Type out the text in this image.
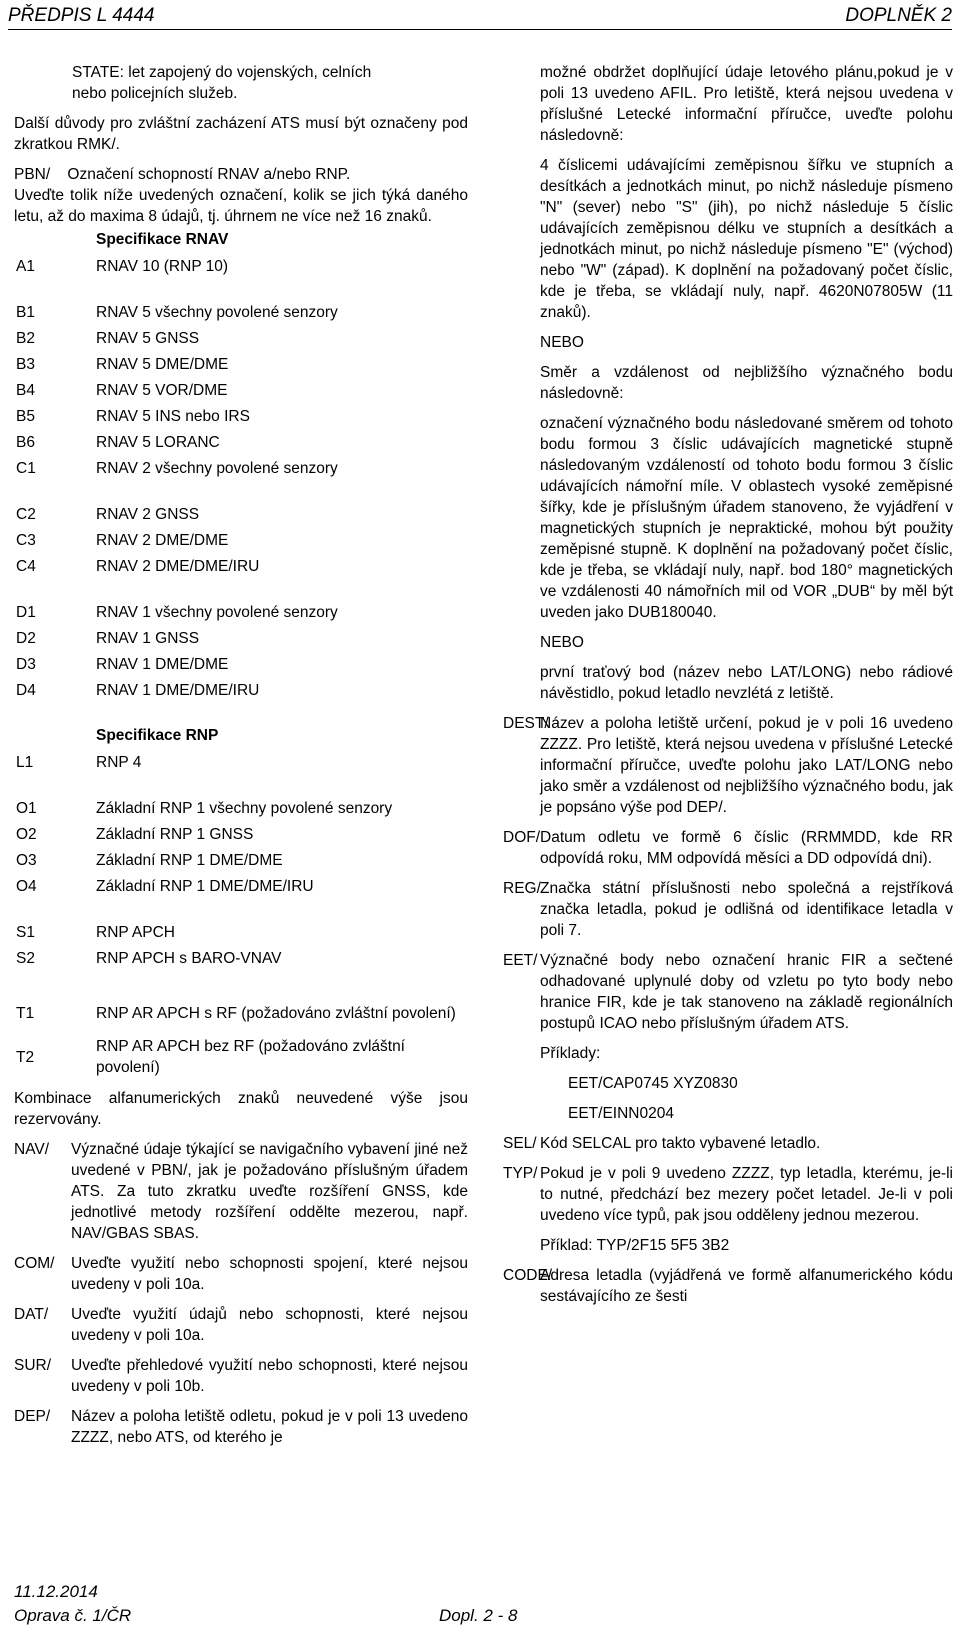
PŘEDPIS L 4444	DOPLNĚK 2

STATE: let zapojený do vojenských, celních

nebo policejních služeb.

Další důvody pro zvláštní zacházení ATS musí být označeny pod zkratkou RMK/.

PBN/    Označení schopností RNAV a/nebo RNP.

Uveďte tolik níže uvedených označení, kolik se jich týká daného letu, až do maxima 8 údajů, tj. úhrnem ne více než 16 znaků.

Specifikace RNAV
A1	RNAV 10 (RNP 10)

B1	RNAV 5 všechny povolené senzory
B2	RNAV 5 GNSS
B3	RNAV 5 DME/DME
B4	RNAV 5 VOR/DME
B5	RNAV 5 INS nebo IRS
B6	RNAV 5 LORANC
C1	RNAV 2 všechny povolené senzory

C2	RNAV 2 GNSS
C3	RNAV 2 DME/DME
C4	RNAV 2 DME/DME/IRU

D1	RNAV 1 všechny povolené senzory
D2	RNAV 1 GNSS
D3	RNAV 1 DME/DME
D4	RNAV 1 DME/DME/IRU

Specifikace RNP
L1	RNP 4

O1	Základní RNP 1 všechny povolené senzory
O2	Základní RNP 1 GNSS
O3	Základní RNP 1 DME/DME
O4	Základní RNP 1 DME/DME/IRU

S1	RNP APCH
S2	RNP APCH s BARO-VNAV

T1	RNP AR APCH s RF (požadováno zvláštní povolení)
T2	RNP AR APCH bez RF (požadováno zvláštní povolení)

Kombinace alfanumerických znaků neuvedené výše jsou rezervovány.

NAV/	Význačné údaje týkající se navigačního vybavení jiné než uvedené v PBN/, jak je požadováno příslušným úřadem ATS. Za tuto zkratku uveďte rozšíření GNSS, kde jednotlivé metody rozšíření oddělte mezerou, např. NAV/GBAS SBAS.
COM/	Uveďte využití nebo schopnosti spojení, které nejsou uvedeny v poli 10a.
DAT/	Uveďte využití údajů nebo schopnosti, které nejsou uvedeny v poli 10a.
SUR/	Uveďte přehledové využití nebo schopnosti, které nejsou uvedeny v poli 10b.
DEP/	Název a poloha letiště odletu, pokud je v poli 13 uvedeno ZZZZ, nebo ATS, od kterého je

možné obdržet doplňující údaje letového plánu,pokud je v poli 13 uvedeno AFIL. Pro letiště, která nejsou uvedena v příslušné Letecké informační příručce, uveďte polohu následovně:

4 číslicemi udávajícími zeměpisnou šířku ve stupních a desítkách a jednotkách minut, po nichž následuje písmeno "N" (sever) nebo "S" (jih), po nichž následuje 5 číslic udávajících zeměpisnou délku ve stupních a desítkách a jednotkách minut, po nichž následuje písmeno "E" (východ) nebo "W" (západ). K doplnění na požadovaný počet číslic, kde je třeba, se vkládají nuly, např. 4620N07805W (11 znaků).

NEBO

Směr a vzdálenost od nejbližšího význačného bodu následovně:

označení význačného bodu následované směrem od tohoto bodu formou 3 číslic udávajících magnetické stupně následovaným vzdáleností od tohoto bodu formou 3 číslic udávajících námořní míle. V oblastech vysoké zeměpisné šířky, kde je příslušným úřadem stanoveno, že vyjádření v magnetických stupních je nepraktické, mohou být použity zeměpisné stupně. K doplnění na požadovaný počet číslic, kde je třeba, se vkládají nuly, např. bod 180° magnetických ve vzdálenosti 40 námořních mil od VOR „DUB“ by měl být uveden jako DUB180040.

NEBO

první traťový bod (název nebo LAT/LONG) nebo rádiové návěstidlo, pokud letadlo nevzlétá z letiště.

DEST/
Název a poloha letiště určení, pokud je v poli 16 uvedeno ZZZZ. Pro letiště, která nejsou uvedena v příslušné Letecké informační příručce, uveďte polohu jako LAT/LONG nebo jako směr a vzdálenost od nejbližšího význačného bodu, jak je popsáno výše pod DEP/.
DOF/ Datum odletu ve formě 6 číslic (RRMMDD, kde RR odpovídá roku, MM odpovídá měsíci a DD odpovídá dni).
REG/ Značka státní příslušnosti nebo společná a rejstříková značka letadla, pokud je odlišná od identifikace letadla v poli 7.
EET/ Význačné body nebo označení hranic FIR a sečtené odhadované uplynulé doby od vzletu po tyto body nebo hranice FIR, kde je tak stanoveno na základě regionálních postupů ICAO nebo příslušným úřadem ATS.

Příklady:

EET/CAP0745 XYZ0830

EET/EINN0204

SEL/ Kód SELCAL pro takto vybavené letadlo.
TYP/ Pokud je v poli 9 uvedeno ZZZZ, typ letadla, kterému, je-li to nutné, předchází bez mezery počet letadel. Je-li v poli uvedeno více typů, pak jsou odděleny jednou mezerou.

Příklad: TYP/2F15 5F5 3B2

CODE/
Adresa letadla (vyjádřená ve formě alfanumerického kódu sestávajícího ze šesti
11.12.2014
Oprava č. 1/ČR	Dopl. 2 - 8
